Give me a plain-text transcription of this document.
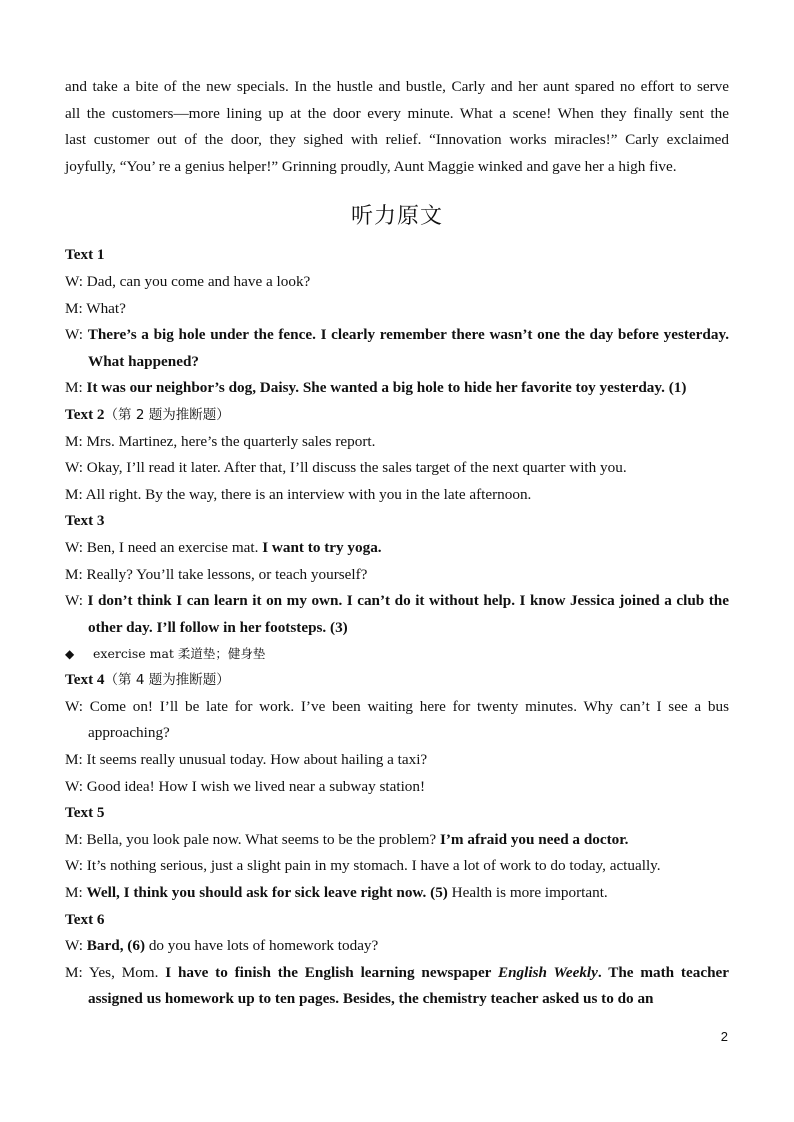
and take a bite of the new specials. In the hustle and bustle, Carly and her aunt spared no effort to serve

all the customers—more lining up at the door every minute. What a scene! When they finally sent the

last customer out of the door, they sighed with relief. “Innovation works miracles!” Carly exclaimed

joyfully, “You’ re a genius helper!” Grinning proudly, Aunt Maggie winked and gave her a high five.

听力原文

Text 1

W: Dad, can you come and have a look?

M: What?

W: There’s a big hole under the fence. I clearly remember there wasn’t one the day before yesterday. What happened?

M: It was our neighbor’s dog, Daisy. She wanted a big hole to hide her favorite toy yesterday. (1)

Text 2（第 2 题为推断题）

M: Mrs. Martinez, here’s the quarterly sales report.

W: Okay, I’ll read it later. After that, I’ll discuss the sales target of the next quarter with you.

M: All right. By the way, there is an interview with you in the late afternoon.

Text 3

W: Ben, I need an exercise mat. I want to try yoga.

M: Really? You’ll take lessons, or teach yourself?

W: I don’t think I can learn it on my own. I can’t do it without help. I know Jessica joined a club the other day. I’ll follow in her footsteps. (3)

◆ exercise mat 柔道垫；健身垫

Text 4（第 4 题为推断题）

W: Come on! I’ll be late for work. I’ve been waiting here for twenty minutes. Why can’t I see a bus approaching?

M: It seems really unusual today. How about hailing a taxi?

W: Good idea! How I wish we lived near a subway station!

Text 5

M: Bella, you look pale now. What seems to be the problem? I’m afraid you need a doctor.

W: It’s nothing serious, just a slight pain in my stomach. I have a lot of work to do today, actually.

M: Well, I think you should ask for sick leave right now. (5) Health is more important.

Text 6

W: Bard, (6) do you have lots of homework today?

M: Yes, Mom. I have to finish the English learning newspaper English Weekly. The math teacher assigned us homework up to ten pages. Besides, the chemistry teacher asked us to do an

2
